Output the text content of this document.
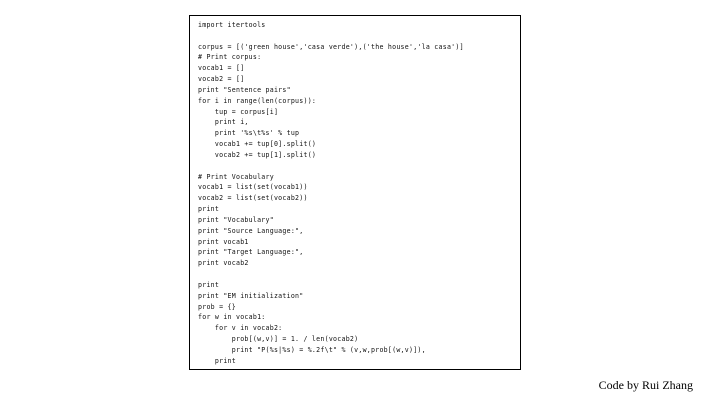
import itertools
corpus = [('green house','casa verde'),('the house','la casa')]
# Print corpus:
vocab1 = []
vocab2 = []
print "Sentence pairs"
for i in range(len(corpus)):
tup = corpus[i]
print i,
print '%s\t%s' % tup
vocab1 += tup[0].split()
vocab2 += tup[1].split()
# Print Vocabulary
vocab1 = list(set(vocab1))
vocab2 = list(set(vocab2))
print
print "Vocabulary"
print "Source Language:",
print vocab1
print "Target Language:",
print vocab2
print
print "EM initialization"
prob = {}
for w in vocab1:
for v in vocab2:
prob[(w,v)] = 1. / len(vocab2)
print "P(%s|%s) = %.2f\t" % (v,w,prob[(w,v)]),
print
Code by Rui Zhang
